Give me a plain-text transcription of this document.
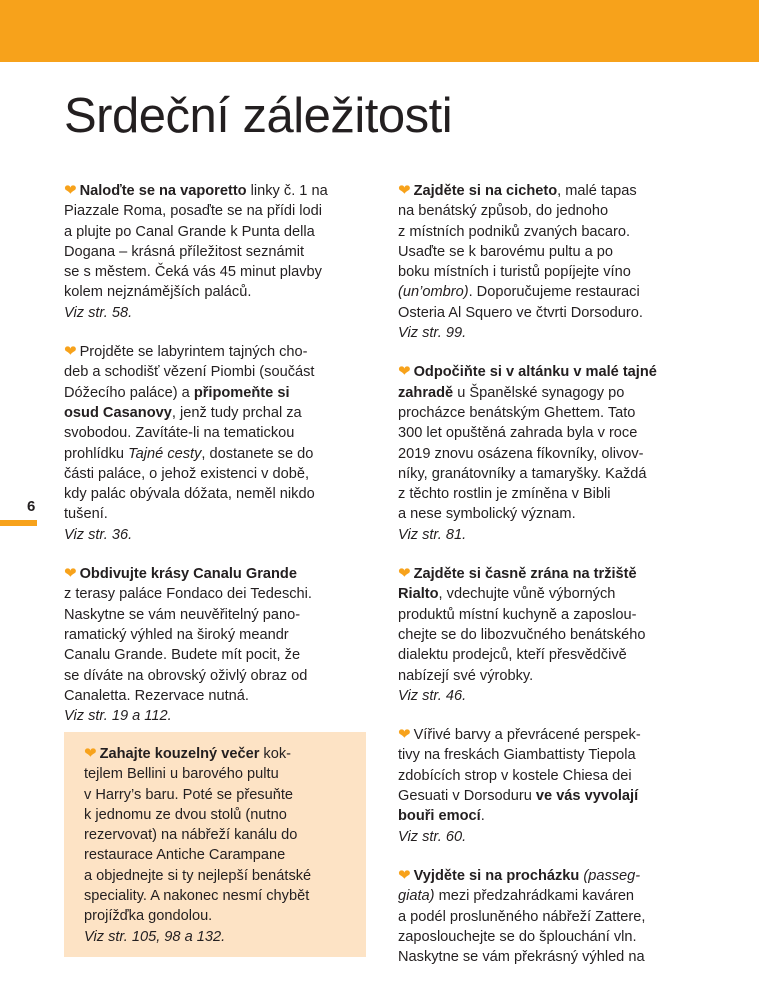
Srdeční záležitosti
6

❤ Naloďte se na vaporetto linky č. 1 na
Piazzale Roma, posaďte se na přídi lodi
a plujte po Canal Grande k Punta della
Dogana – krásná příležitost seznámit
se s městem. Čeká vás 45 minut plavby
kolem nejznámějších paláců.
Viz str. 58.

❤ Projděte se labyrintem tajných cho-
deb a schodišť vězení Piombi (součást
Dóžecího paláce) a připomeňte si
osud Casanovy, jenž tudy prchal za
svobodou. Zavítáte-li na tematickou
prohlídku Tajné cesty, dostanete se do
části paláce, o jehož existenci v době,
kdy palác obývala dóžata, neměl nikdo
tušení.
Viz str. 36.

❤ Obdivujte krásy Canalu Grande
z terasy paláce Fondaco dei Tedeschi.
Naskytne se vám neuvěřitelný pano-
ramatický výhled na široký meandr
Canalu Grande. Budete mít pocit, že
se díváte na obrovský oživlý obraz od
Canaletta. Rezervace nutná.
Viz str. 19 a 112.

❤ Zahajte kouzelný večer kok-
tejlem Bellini u barového pultu
v Harry’s baru. Poté se přesuňte
k jednomu ze dvou stolů (nutno
rezervovat) na nábřeží kanálu do
restaurace Antiche Carampane
a objednejte si ty nejlepší benátské
speciality. A nakonec nesmí chybět
projížďka gondolou.
Viz str. 105, 98 a 132.

❤ Zajděte si na cicheto, malé tapas
na benátský způsob, do jednoho
z místních podniků zvaných bacaro.
Usaďte se k barovému pultu a po
boku místních i turistů popíjejte víno
(un’ombro). Doporučujeme restauraci
Osteria Al Squero ve čtvrti Dorsoduro.
Viz str. 99.

❤ Odpočiňte si v altánku v malé tajné
zahradě u Španělské synagogy po
procházce benátským Ghettem. Tato
300 let opuštěná zahrada byla v roce
2019 znovu osázena fíkovníky, olivov-
níky, granátovníky a tamaryšky. Každá
z těchto rostlin je zmíněna v Bibli
a nese symbolický význam.
Viz str. 81.

❤ Zajděte si časně zrána na tržiště
Rialto, vdechujte vůně výborných
produktů místní kuchyně a zaposlou-
chejte se do libozvučného benátského
dialektu prodejců, kteří přesvědčivě
nabízejí své výrobky.
Viz str. 46.

❤ Vířivé barvy a převrácené perspek-
tivy na freskách Giambattisty Tiepola
zdobících strop v kostele Chiesa dei
Gesuati v Dorsoduru ve vás vyvolají
bouři emocí.
Viz str. 60.

❤ Vyjděte si na procházku (passeg-
giata) mezi předzahrádkami kaváren
a podél prosluněného nábřeží Zattere,
zaposlouchejte se do šplouchání vln.
Naskytne se vám překrásný výhled na
